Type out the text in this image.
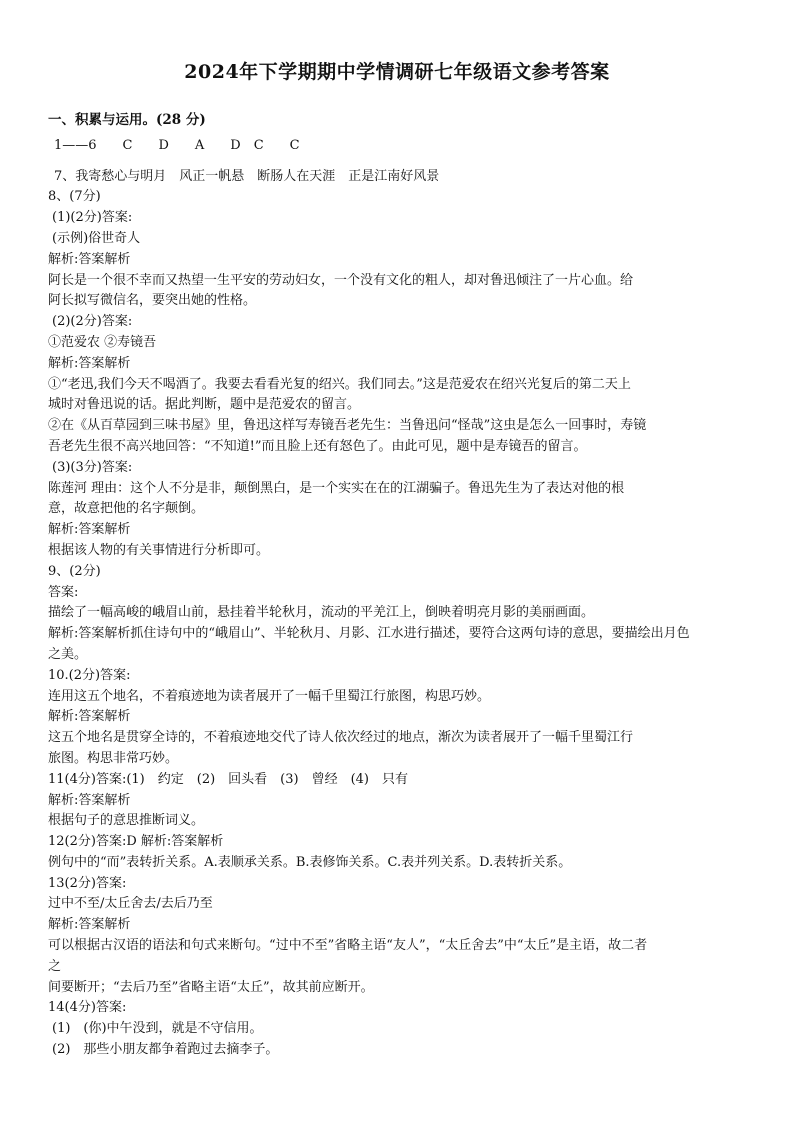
2024年下学期期中学情调研七年级语文参考答案
一、积累与运用。(28 分)
1——6　　C　　D　　A　　D　C　　C
7、我寄愁心与明月　风正一帆悬　断肠人在天涯　正是江南好风景
8、(7分)
(1)(2分)答案:
(示例)俗世奇人
解析:答案解析
阿长是一个很不幸而又热望一生平安的劳动妇女，一个没有文化的粗人，却对鲁迅倾注了一片心血。给
阿长拟写微信名，要突出她的性格。
(2)(2分)答案:
①范爱农 ②寿镜吾
解析:答案解析
①“老迅,我们今天不喝酒了。我要去看看光复的绍兴。我们同去。”这是范爱农在绍兴光复后的第二天上
城时对鲁迅说的话。据此判断，题中是范爱农的留言。
②在《从百草园到三味书屋》里，鲁迅这样写寿镜吾老先生：当鲁迅问“怪哉”这虫是怎么一回事时，寿镜
吾老先生很不高兴地回答：“不知道!”而且脸上还有怒色了。由此可见，题中是寿镜吾的留言。
(3)(3分)答案:
陈莲河 理由：这个人不分是非，颠倒黑白，是一个实实在在的江湖骗子。鲁迅先生为了表达对他的根
意，故意把他的名字颠倒。
解析:答案解析
根据该人物的有关事情进行分析即可。
9、(2分)
答案:
描绘了一幅高峻的峨眉山前，悬挂着半轮秋月，流动的平羌江上，倒映着明亮月影的美丽画面。
解析:答案解析抓住诗句中的“峨眉山”、半轮秋月、月影、江水进行描述，要符合这两句诗的意思，要描绘出月色
之美。
10.(2分)答案:
连用这五个地名，不着痕迹地为读者展开了一幅千里蜀江行旅图，构思巧妙。
解析:答案解析
这五个地名是贯穿全诗的，不着痕迹地交代了诗人依次经过的地点，渐次为读者展开了一幅千里蜀江行
旅图。构思非常巧妙。
11(4分)答案:(1)　约定　(2)　回头看　(3)　曾经　(4)　只有
解析:答案解析
根据句子的意思推断词义。
12(2分)答案:D 解析:答案解析
例句中的“而”表转折关系。A.表顺承关系。B.表修饰关系。C.表并列关系。D.表转折关系。
13(2分)答案:
过中不至/太丘舍去/去后乃至
解析:答案解析
可以根据古汉语的语法和句式来断句。“过中不至”省略主语“友人”，“太丘舍去”中“太丘”是主语，故二者
之
间要断开；“去后乃至”省略主语“太丘”，故其前应断开。
14(4分)答案:
(1)　(你)中午没到，就是不守信用。
(2)　那些小朋友都争着跑过去摘李子。
